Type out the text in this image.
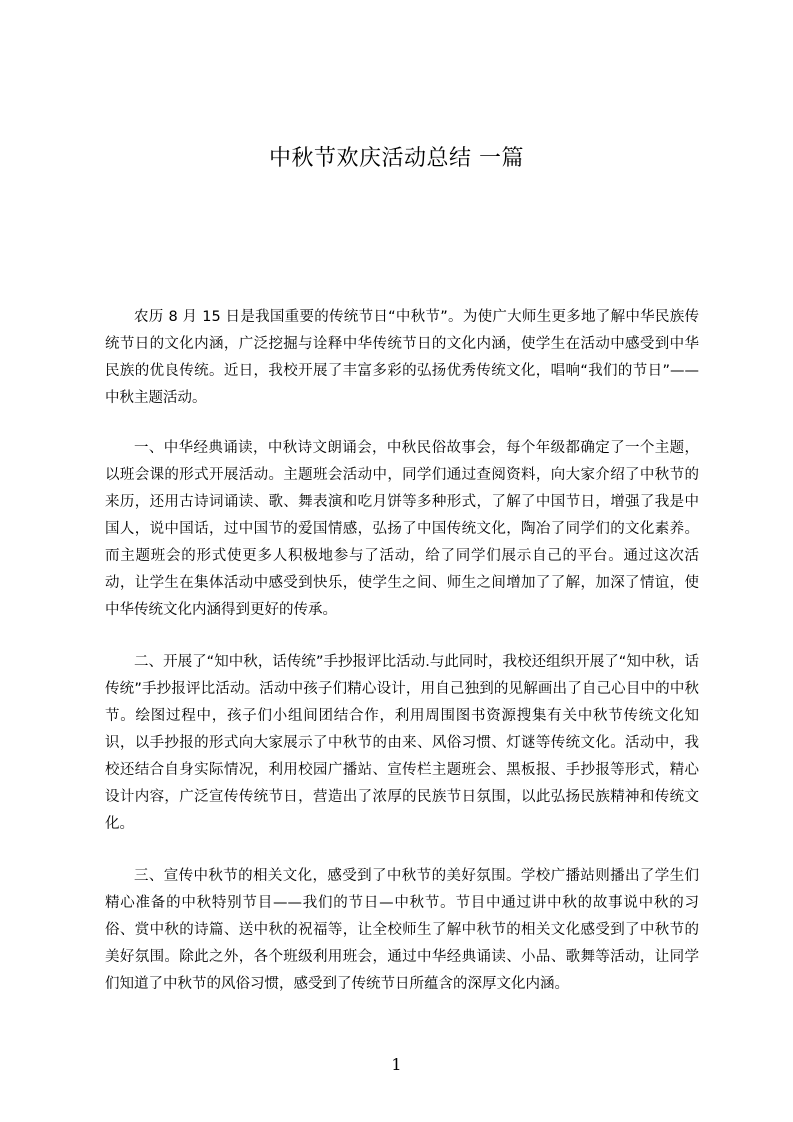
中秋节欢庆活动总结 一篇

农历 8 月 15 日是我国重要的传统节日“中秋节”。为使广大师生更多地了解中华民族传统节日的文化内涵，广泛挖掘与诠释中华传统节日的文化内涵，使学生在活动中感受到中华民族的优良传统。近日，我校开展了丰富多彩的弘扬优秀传统文化，唱响“我们的节日”——中秋主题活动。

一、中华经典诵读，中秋诗文朗诵会，中秋民俗故事会，每个年级都确定了一个主题，以班会课的形式开展活动。主题班会活动中，同学们通过查阅资料，向大家介绍了中秋节的来历，还用古诗词诵读、歌、舞表演和吃月饼等多种形式，了解了中国节日，增强了我是中国人，说中国话，过中国节的爱国情感，弘扬了中国传统文化，陶冶了同学们的文化素养。而主题班会的形式使更多人积极地参与了活动，给了同学们展示自己的平台。通过这次活动，让学生在集体活动中感受到快乐，使学生之间、师生之间增加了了解，加深了情谊，使中华传统文化内涵得到更好的传承。

二、开展了“知中秋，话传统”手抄报评比活动.与此同时，我校还组织开展了“知中秋，话传统”手抄报评比活动。活动中孩子们精心设计，用自己独到的见解画出了自己心目中的中秋节。绘图过程中，孩子们小组间团结合作，利用周围图书资源搜集有关中秋节传统文化知识，以手抄报的形式向大家展示了中秋节的由来、风俗习惯、灯谜等传统文化。活动中，我校还结合自身实际情况，利用校园广播站、宣传栏主题班会、黑板报、手抄报等形式，精心设计内容，广泛宣传传统节日，营造出了浓厚的民族节日氛围，以此弘扬民族精神和传统文化。

三、宣传中秋节的相关文化，感受到了中秋节的美好氛围。学校广播站则播出了学生们精心准备的中秋特别节目——我们的节日—中秋节。节目中通过讲中秋的故事说中秋的习俗、赏中秋的诗篇、送中秋的祝福等，让全校师生了解中秋节的相关文化感受到了中秋节的美好氛围。除此之外，各个班级利用班会，通过中华经典诵读、小品、歌舞等活动，让同学们知道了中秋节的风俗习惯，感受到了传统节日所蕴含的深厚文化内涵。

1
